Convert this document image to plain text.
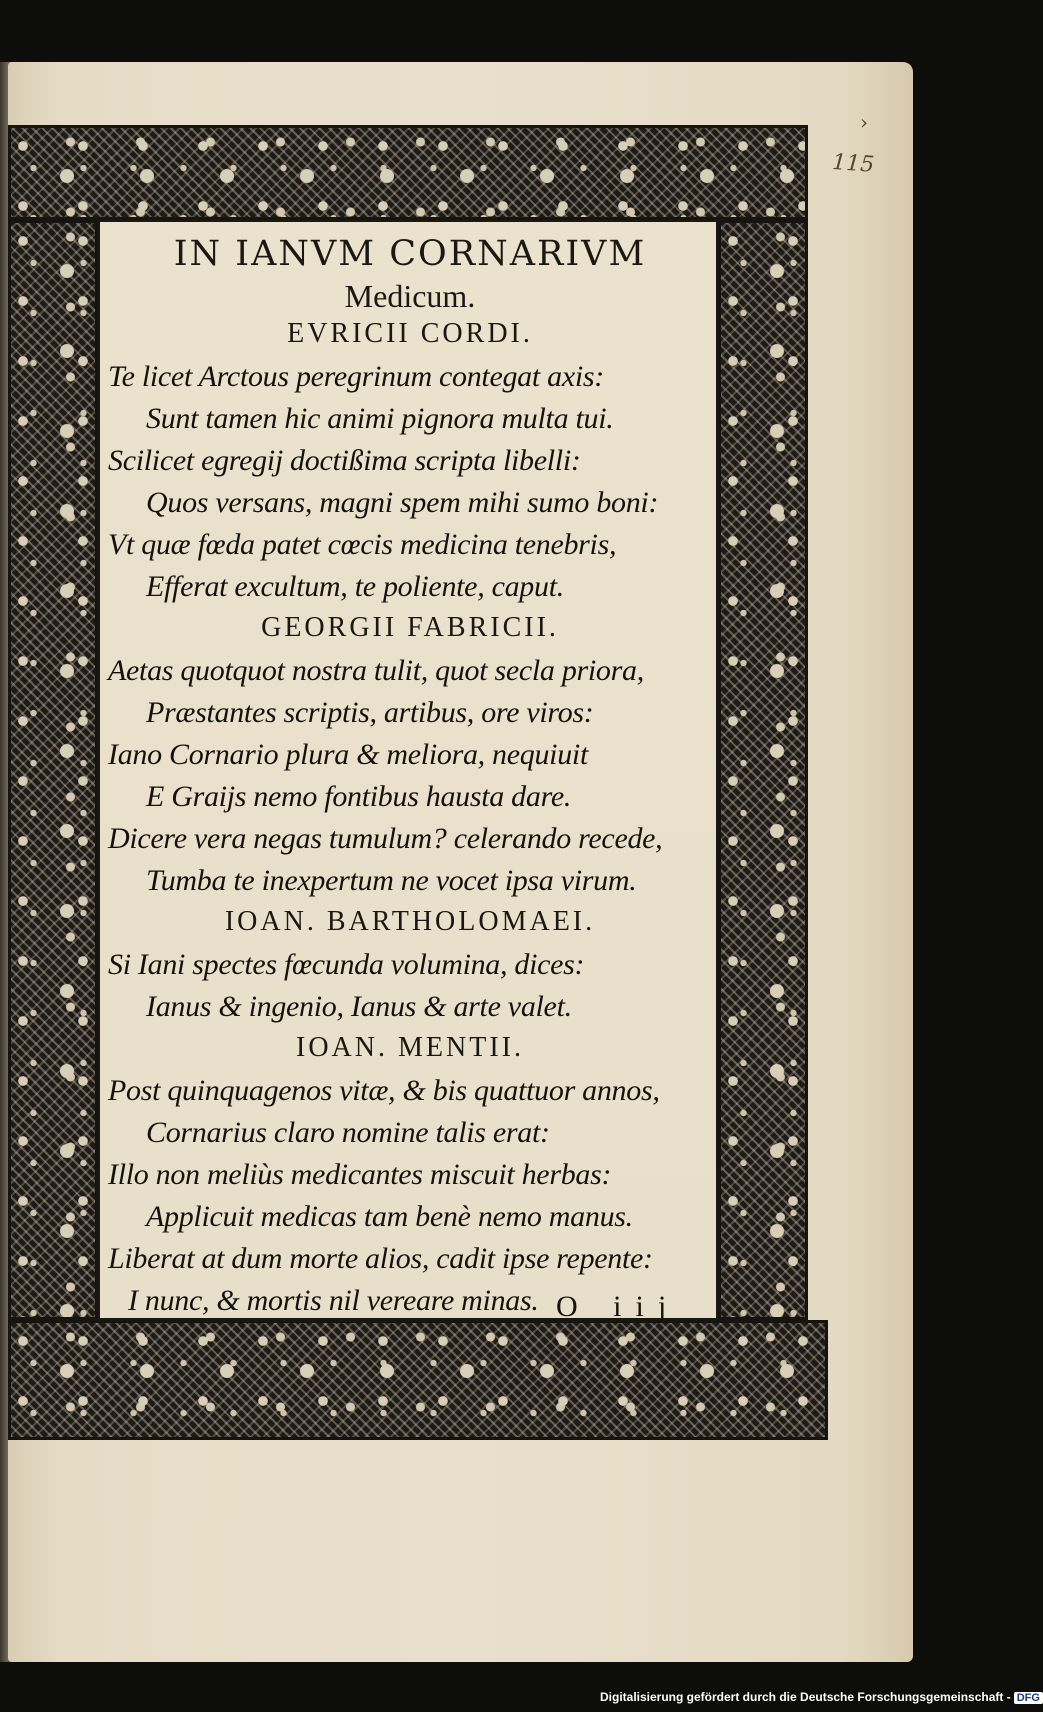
›
115
IN IANVM CORNARIVM
Medicum.
EVRICII CORDI.
Te licet Arctous peregrinum contegat axis:
Sunt tamen hic animi pignora multa tui.
Scilicet egregij doctißima scripta libelli:
Quos versans, magni spem mihi sumo boni:
Vt quæ fœda patet cœcis medicina tenebris,
Efferat excultum, te poliente, caput.
GEORGII FABRICII.
Aetas quotquot nostra tulit, quot secla priora,
Præstantes scriptis, artibus, ore viros:
Iano Cornario plura & meliora, nequiuit
E Graijs nemo fontibus hausta dare.
Dicere vera negas tumulum? celerando recede,
Tumba te inexpertum ne vocet ipsa virum.
IOAN. BARTHOLOMAEI.
Si Iani spectes fœcunda volumina, dices:
Ianus & ingenio, Ianus & arte valet.
IOAN. MENTII.
Post quinquagenos vitæ, & bis quattuor annos,
Cornarius claro nomine talis erat:
Illo non meliùs medicantes miscuit herbas:
Applicuit medicas tam benè nemo manus.
Liberat at dum morte alios, cadit ipse repente:
I nunc, & mortis nil vereare minas. O iij
Digitalisierung gefördert durch die Deutsche Forschungsgemeinschaft - DFG
